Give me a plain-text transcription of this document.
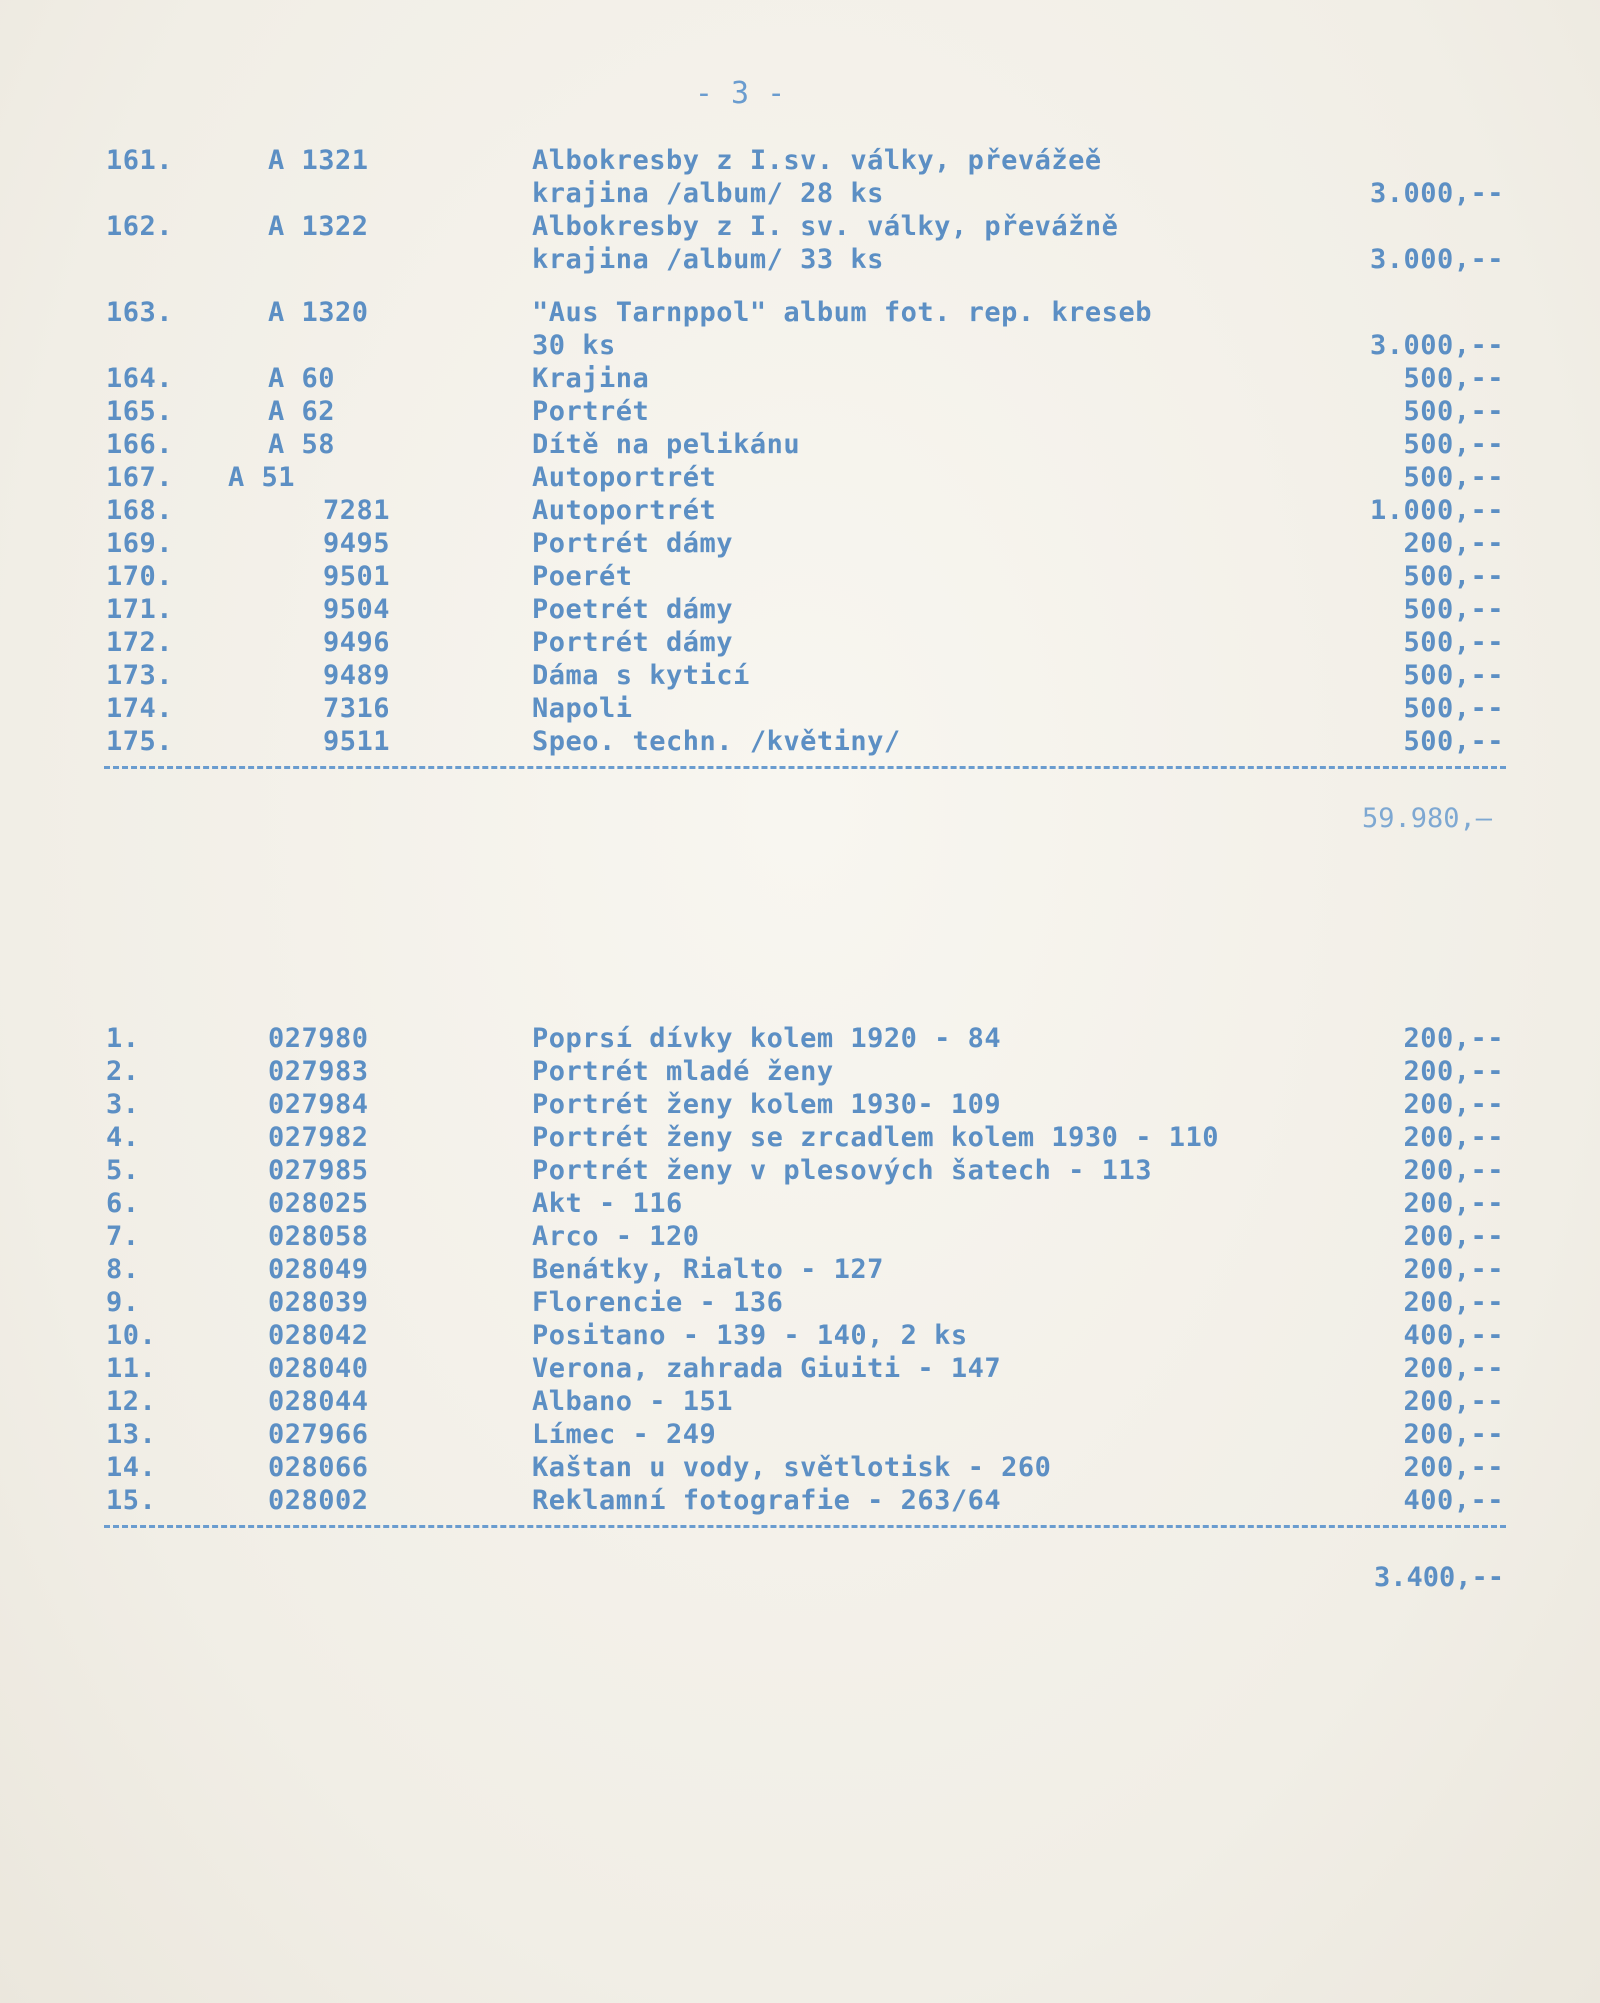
- 3 -
161.	A 1321	Albokresby z I.sv. války, převážeě
krajina /album/ 28 ks	3.000,--
162.	A 1322	Albokresby z I. sv. války, převážně
krajina /album/ 33 ks	3.000,--
163.	A 1320	"Aus Tarnppol" album fot. rep. kreseb
30 ks	3.000,--
164.	A 60	Krajina	500,--
165.	A 62	Portrét	500,--
166.	A 58	Dítě na pelikánu	500,--
167. A 51	Autoportrét	500,--
168.	7281	Autoportrét	1.000,--
169.	9495	Portrét dámy	200,--
170.	9501	Poerét	500,--
171.	9504	Poetrét dámy	500,--
172.	9496	Portrét dámy	500,--
173.	9489	Dáma s kyticí	500,--
174.	7316	Napoli	500,--
175.	9511	Speo. techn. /květiny/	500,--
59.980,—
1.	027980	Poprsí dívky kolem 1920 - 84	200,--
2.	027983	Portrét mladé ženy	200,--
3.	027984	Portrét ženy kolem 1930- 109	200,--
4.	027982	Portrét ženy se zrcadlem kolem 1930 - 110	200,--
5.	027985	Portrét ženy v plesových šatech - 113	200,--
6.	028025	Akt - 116	200,--
7.	028058	Arco - 120	200,--
8.	028049	Benátky, Rialto - 127	200,--
9.	028039	Florencie - 136	200,--
10.	028042	Positano - 139 - 140, 2 ks	400,--
11.	028040	Verona, zahrada Giuiti - 147	200,--
12.	028044	Albano - 151	200,--
13.	027966	Límec - 249	200,--
14.	028066	Kaštan u vody, světlotisk - 260	200,--
15.	028002	Reklamní fotografie - 263/64	400,--
3.400,--
